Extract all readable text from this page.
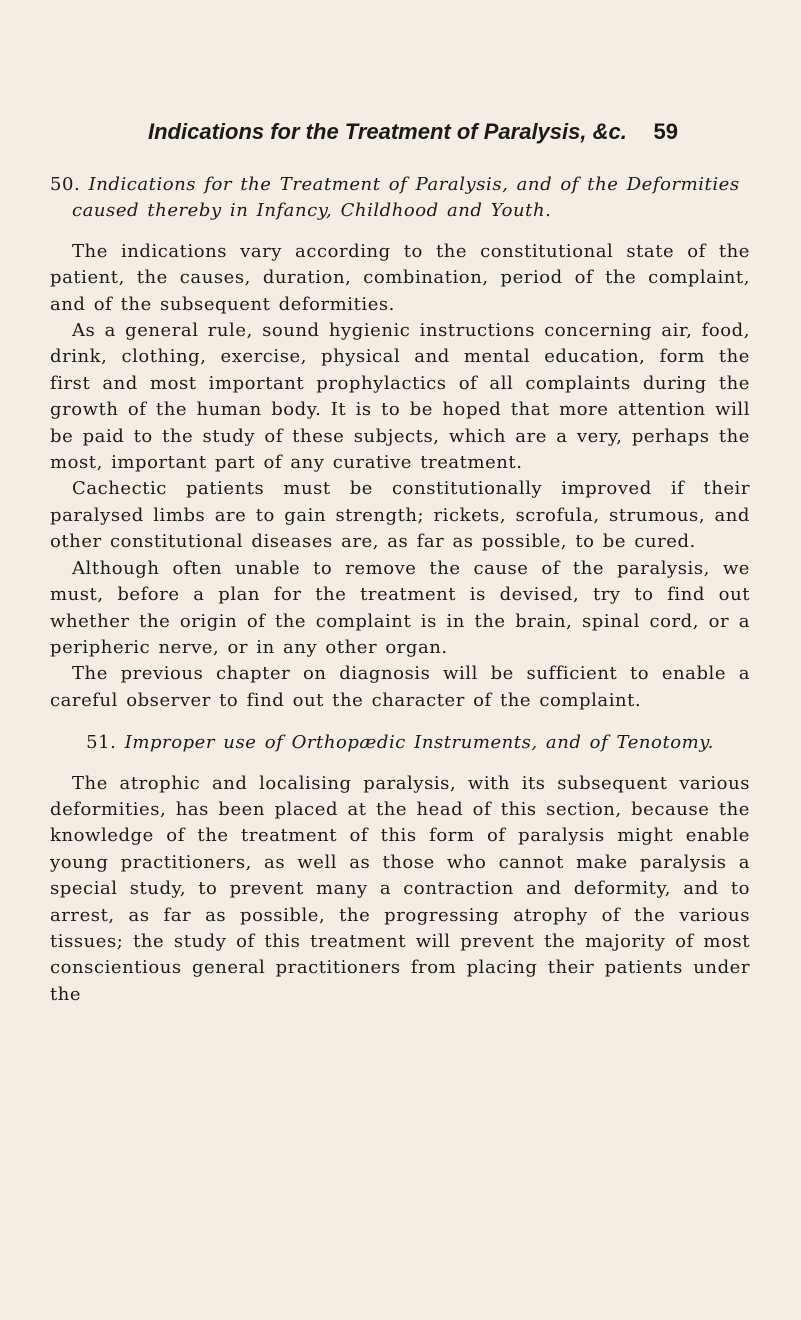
Indications for the Treatment of Paralysis, &c. 59
50. Indications for the Treatment of Paralysis, and of the Deformities caused thereby in Infancy, Childhood and Youth.

The indications vary according to the constitutional state of the patient, the causes, duration, combination, period of the complaint, and of the subsequent deformities.

As a general rule, sound hygienic instructions concerning air, food, drink, clothing, exercise, physical and mental education, form the first and most important prophylactics of all complaints during the growth of the human body. It is to be hoped that more attention will be paid to the study of these subjects, which are a very, perhaps the most, important part of any curative treatment.

Cachectic patients must be constitutionally improved if their paralysed limbs are to gain strength; rickets, scrofula, strumous, and other constitutional diseases are, as far as possible, to be cured.

Although often unable to remove the cause of the paralysis, we must, before a plan for the treatment is devised, try to find out whether the origin of the complaint is in the brain, spinal cord, or a peripheric nerve, or in any other organ.

The previous chapter on diagnosis will be sufficient to enable a careful observer to find out the character of the complaint.

51. Improper use of Orthopædic Instruments, and of Tenotomy.

The atrophic and localising paralysis, with its subsequent various deformities, has been placed at the head of this section, because the knowledge of the treatment of this form of paralysis might enable young practitioners, as well as those who cannot make paralysis a special study, to prevent many a contraction and deformity, and to arrest, as far as possible, the progressing atrophy of the various tissues; the study of this treatment will prevent the majority of most conscientious general practitioners from placing their patients under the
